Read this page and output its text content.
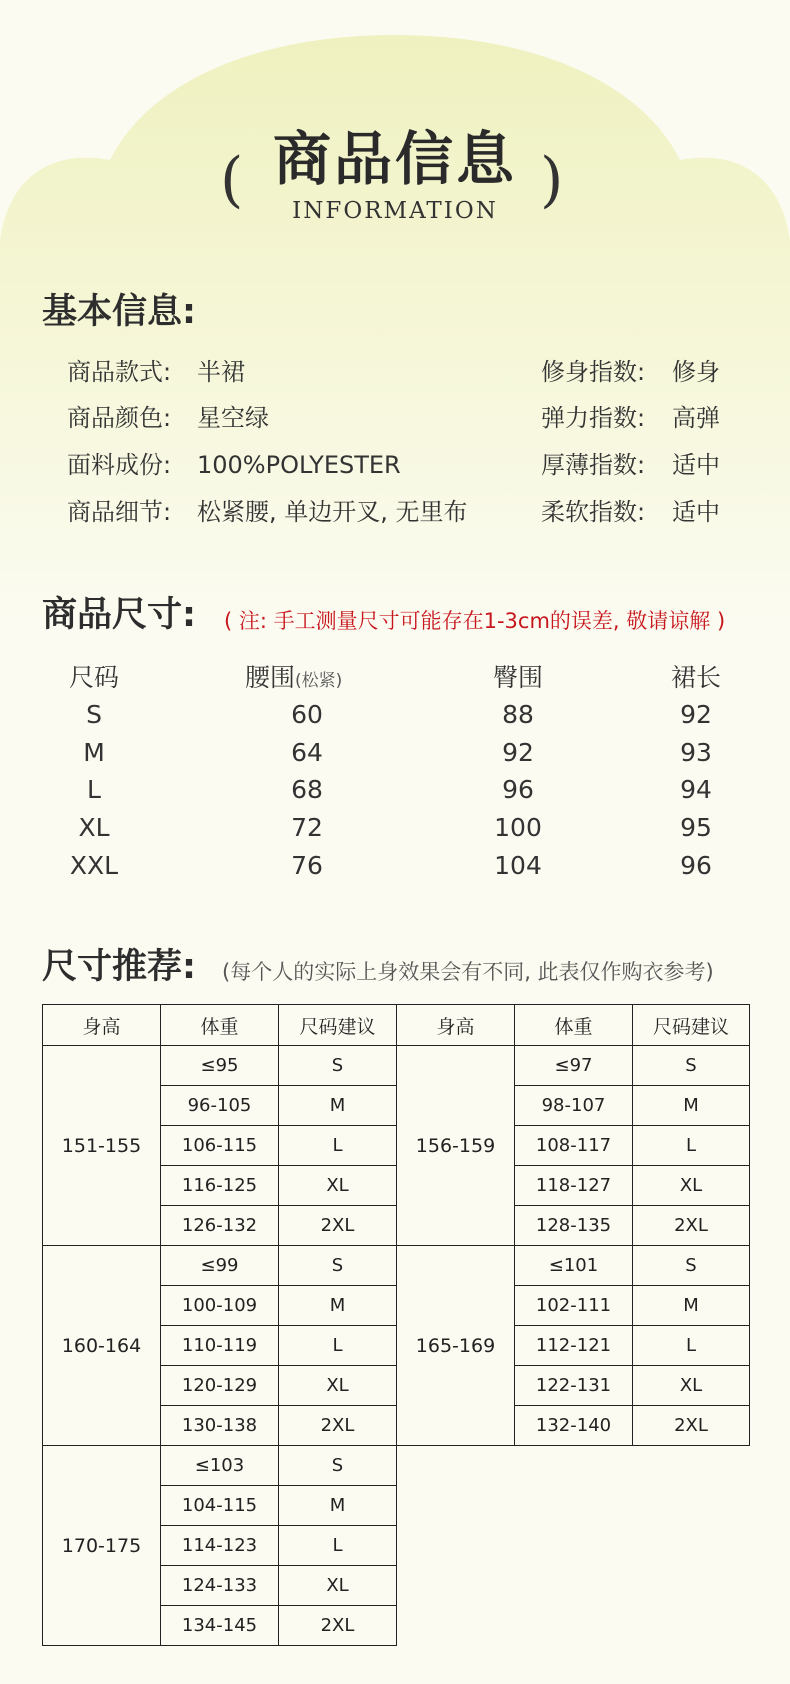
(	)
商品信息
INFORMATION
基本信息:
商品款式: 半裙
商品颜色: 星空绿
面料成份: 100%POLYESTER
商品细节: 松紧腰, 单边开叉, 无里布
修身指数: 修身
弹力指数: 高弹
厚薄指数: 适中
柔软指数: 适中
商品尺寸: ( 注: 手工测量尺寸可能存在1-3cm的误差, 敬请谅解 )
尺码	腰围(松紧)	臀围	裙长
S	60	88	92
M	64	92	93
L	68	96	94
XL	72	100	95
XXL	76	104	96
尺寸推荐: (每个人的实际上身效果会有不同, 此表仅作购衣参考)
身高	体重	尺码建议	身高	体重	尺码建议
151-155	≤95	S	156-159	≤97	S
	96-105	M		98-107	M
	106-115	L		108-117	L
	116-125	XL		118-127	XL
	126-132	2XL		128-135	2XL
160-164	≤99	S	165-169	≤101	S
	100-109	M		102-111	M
	110-119	L		112-121	L
	120-129	XL		122-131	XL
	130-138	2XL		132-140	2XL
170-175	≤103	S			
	104-115	M			
	114-123	L			
	124-133	XL			
	134-145	2XL			
